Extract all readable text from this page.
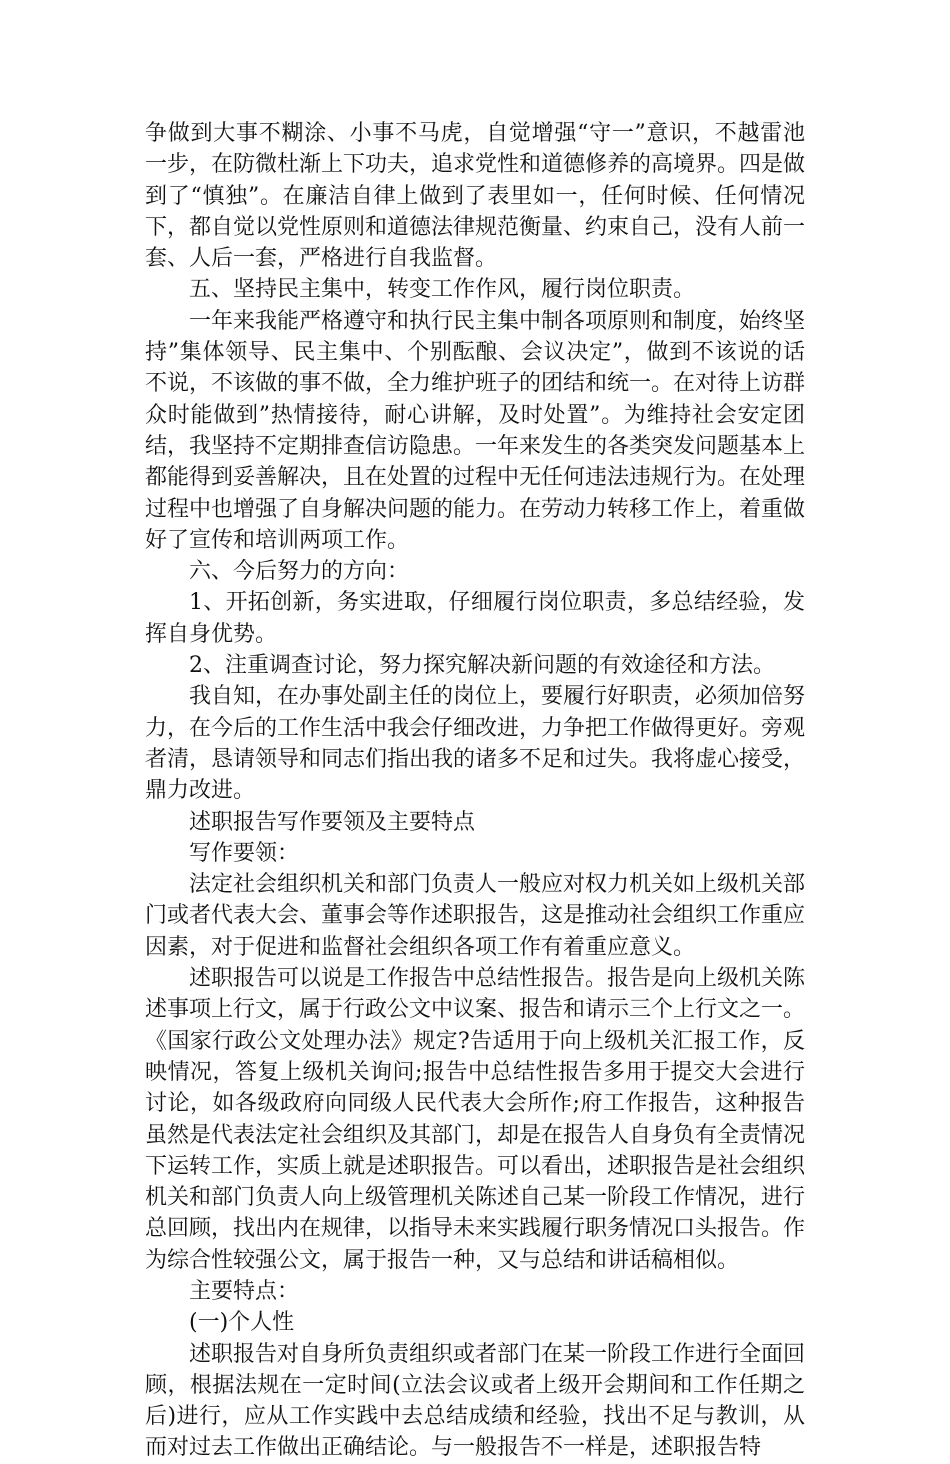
争做到大事不糊涂、小事不马虎，自觉增强“守一”意识，不越雷池一步，在防微杜渐上下功夫，追求党性和道德修养的高境界。四是做到了“慎独”。在廉洁自律上做到了表里如一，任何时候、任何情况下，都自觉以党性原则和道德法律规范衡量、约束自己，没有人前一套、人后一套，严格进行自我监督。

五、坚持民主集中，转变工作作风，履行岗位职责。

一年来我能严格遵守和执行民主集中制各项原则和制度，始终坚持”集体领导、民主集中、个别酝酿、会议决定”，做到不该说的话不说，不该做的事不做，全力维护班子的团结和统一。在对待上访群众时能做到”热情接待，耐心讲解，及时处置”。为维持社会安定团结，我坚持不定期排查信访隐患。一年来发生的各类突发问题基本上都能得到妥善解决，且在处置的过程中无任何违法违规行为。在处理过程中也增强了自身解决问题的能力。在劳动力转移工作上，着重做好了宣传和培训两项工作。

六、今后努力的方向：

1、开拓创新，务实进取，仔细履行岗位职责，多总结经验，发挥自身优势。

2、注重调查讨论，努力探究解决新问题的有效途径和方法。

我自知，在办事处副主任的岗位上，要履行好职责，必须加倍努力，在今后的工作生活中我会仔细改进，力争把工作做得更好。旁观者清，恳请领导和同志们指出我的诸多不足和过失。我将虚心接受，鼎力改进。

述职报告写作要领及主要特点

写作要领：

法定社会组织机关和部门负责人一般应对权力机关如上级机关部门或者代表大会、董事会等作述职报告，这是推动社会组织工作重应因素，对于促进和监督社会组织各项工作有着重应意义。

述职报告可以说是工作报告中总结性报告。报告是向上级机关陈述事项上行文，属于行政公文中议案、报告和请示三个上行文之一。《国家行政公文处理办法》规定?告适用于向上级机关汇报工作，反映情况，答复上级机关询问;报告中总结性报告多用于提交大会进行讨论，如各级政府向同级人民代表大会所作;府工作报告，这种报告虽然是代表法定社会组织及其部门，却是在报告人自身负有全责情况下运转工作，实质上就是述职报告。可以看出，述职报告是社会组织机关和部门负责人向上级管理机关陈述自己某一阶段工作情况，进行总回顾，找出内在规律，以指导未来实践履行职务情况口头报告。作为综合性较强公文，属于报告一种，又与总结和讲话稿相似。

主要特点：

(一)个人性

述职报告对自身所负责组织或者部门在某一阶段工作进行全面回顾，根据法规在一定时间(立法会议或者上级开会期间和工作任期之后)进行，应从工作实践中去总结成绩和经验，找出不足与教训，从而对过去工作做出正确结论。与一般报告不一样是，述职报告特
